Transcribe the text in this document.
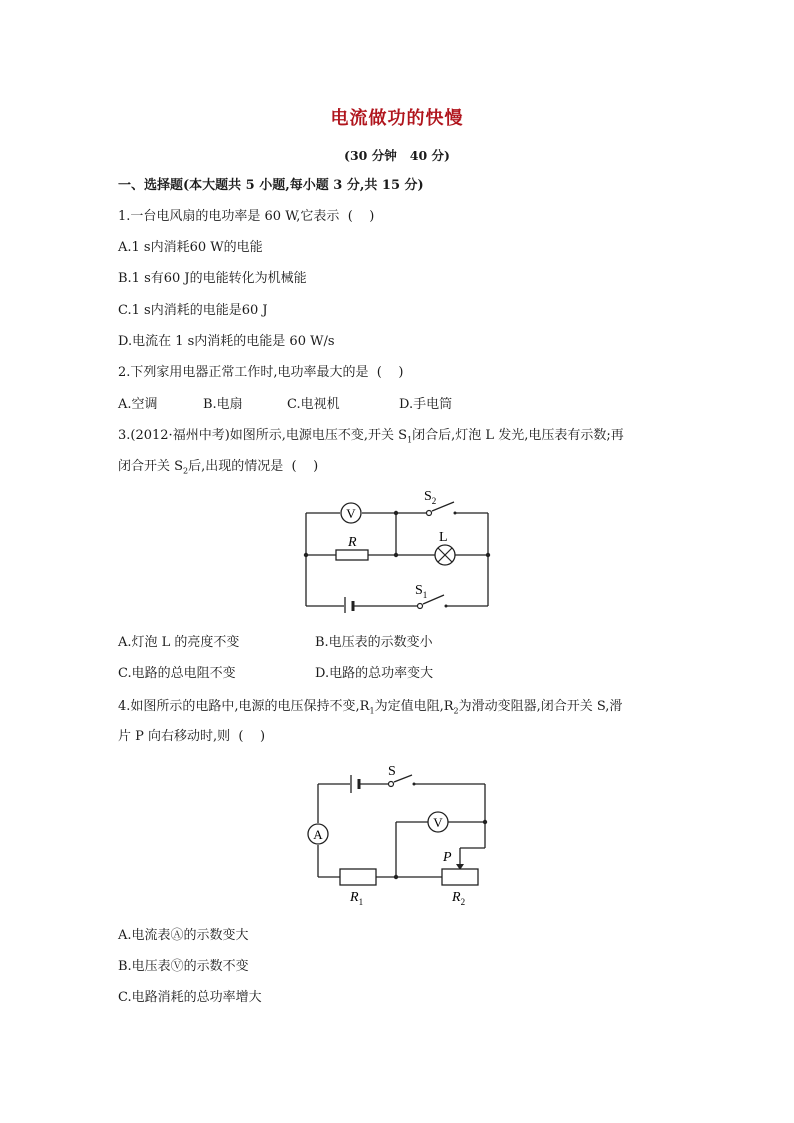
电流做功的快慢
(30 分钟   40 分)
一、选择题(本大题共 5 小题,每小题 3 分,共 15 分)
1.一台电风扇的电功率是 60 W,它表示  (    )
A.1 s内消耗60 W的电能
B.1 s有60 J的电能转化为机械能
C.1 s内消耗的电能是60 J
D.电流在 1 s内消耗的电能是 60 W/s
2.下列家用电器正常工作时,电功率最大的是  (    )
A.空调	B.电扇	C.电视机	D.手电筒
3.(2012·福州中考)如图所示,电源电压不变,开关 $S_1$闭合后,灯泡 L 发光,电压表有示数;再
闭合开关 $S_2$后,出现的情况是  (    )
V
$S_2$
R	L
$S_1$
A.灯泡 L 的亮度不变	B.电压表的示数变小
C.电路的总电阻不变	D.电路的总功率变大
4.如图所示的电路中,电源的电压保持不变$,R_1$为定值电阻$,R_2$为滑动变阻器,闭合开关 S,滑
片 P 向右移动时,则  (    )
S
A
V
$R_1$	$R_2$
P
A.电流表Ⓐ的示数变大
B.电压表Ⓥ的示数不变
C.电路消耗的总功率增大
